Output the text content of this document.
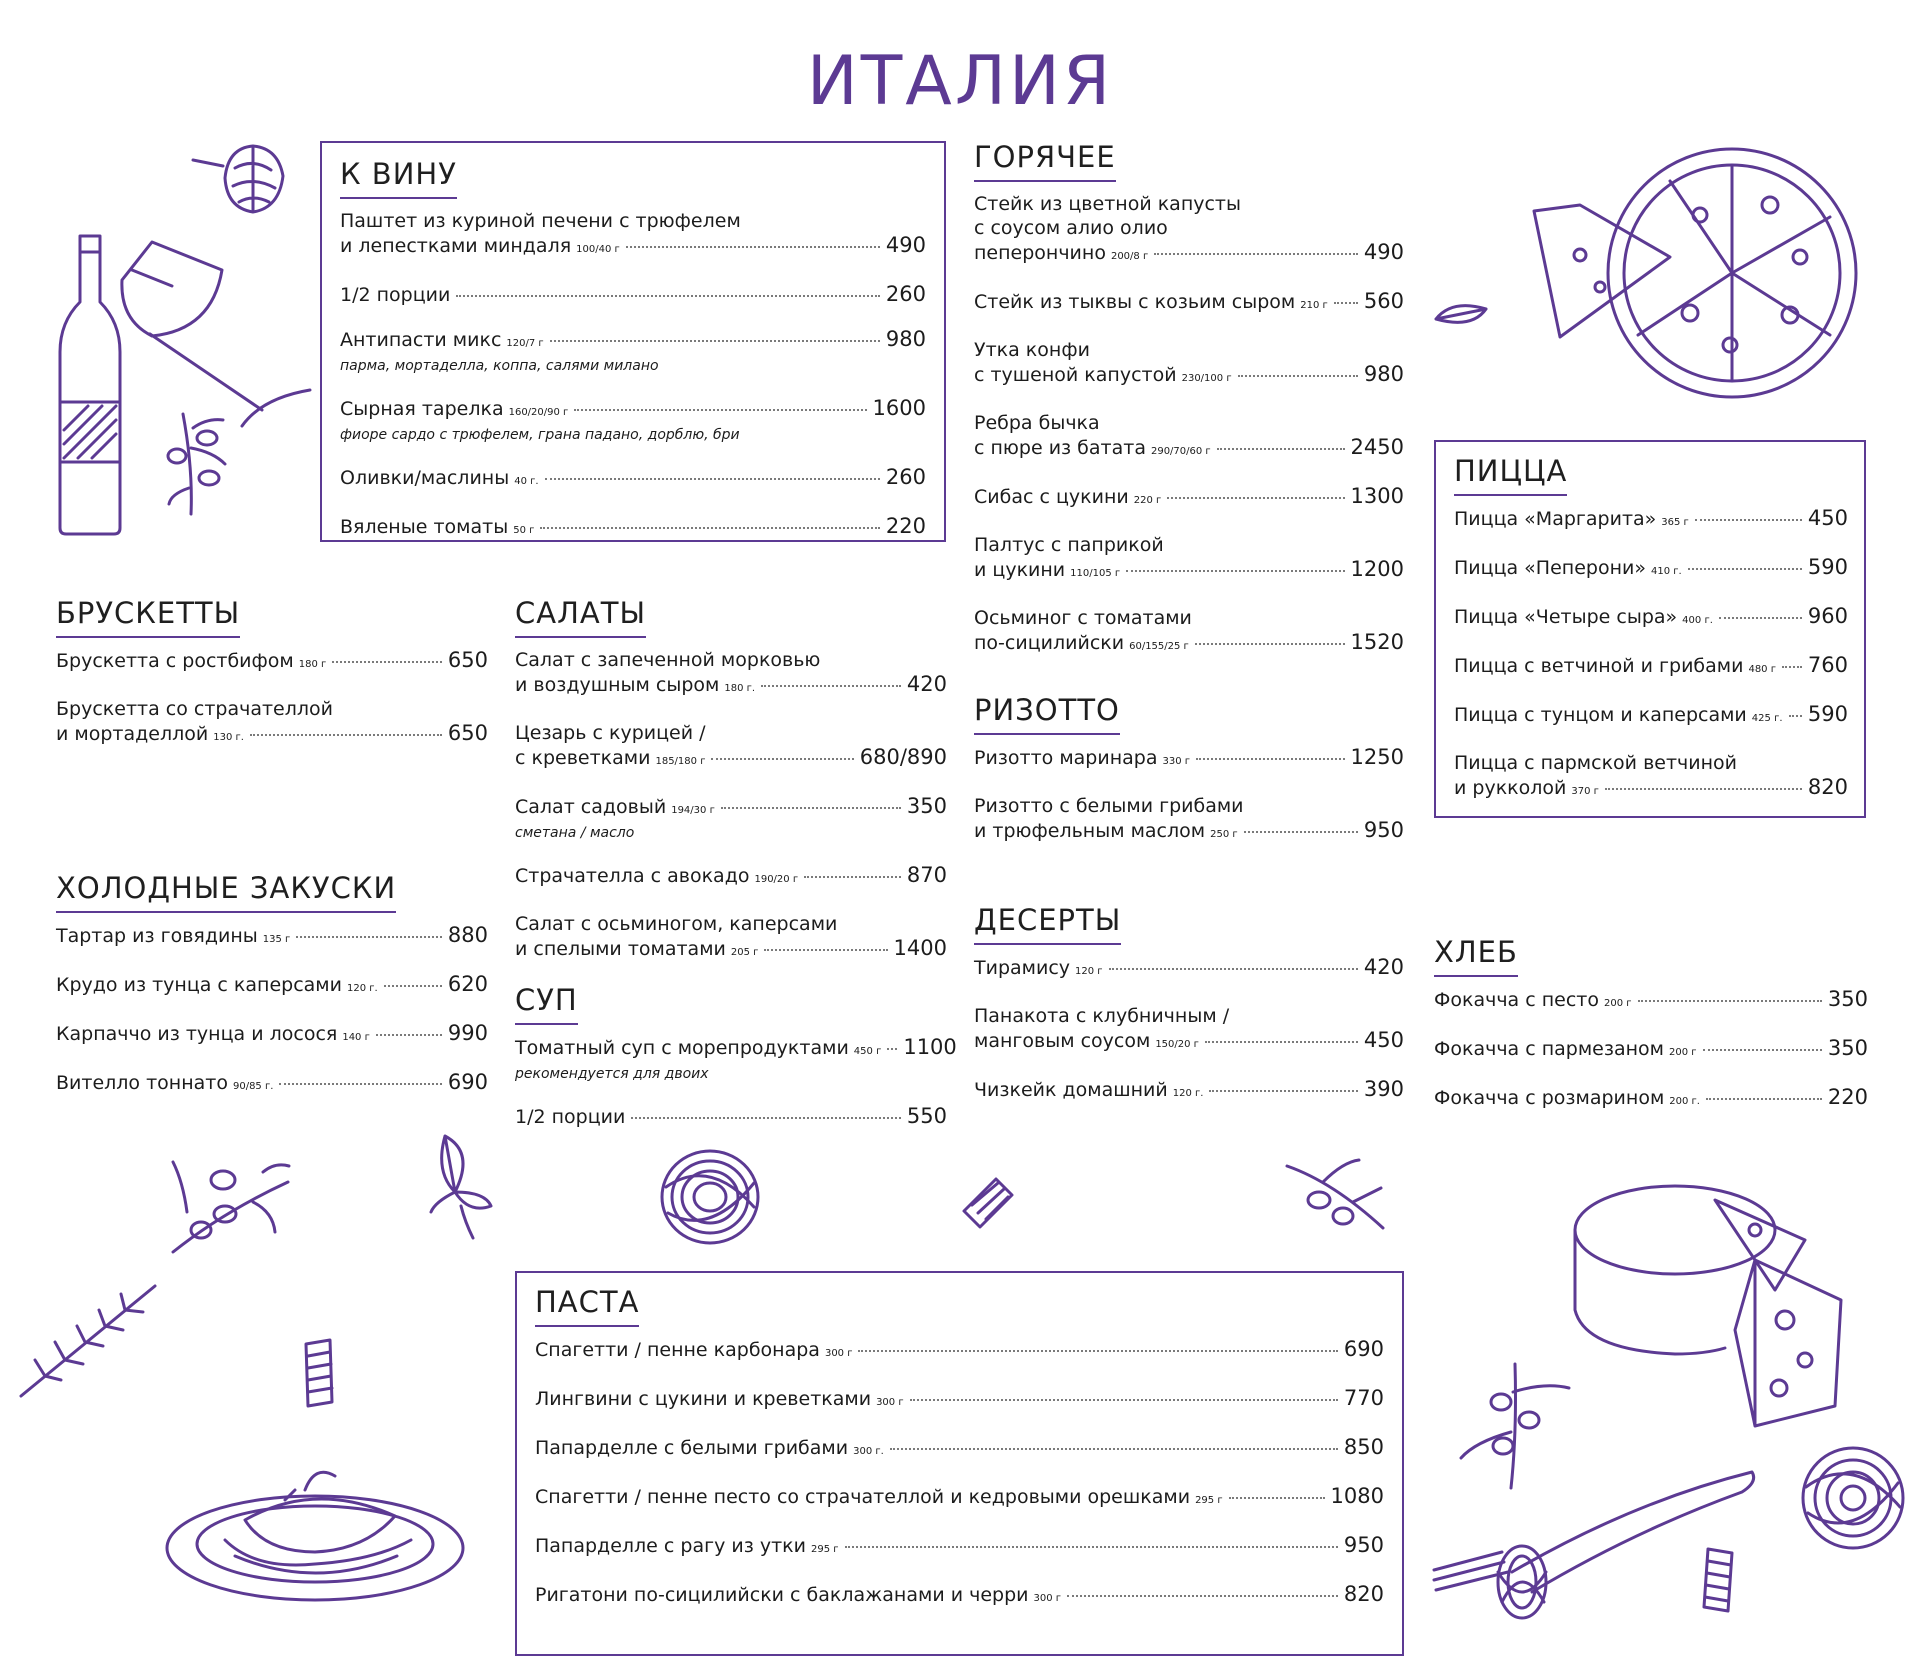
ИТАЛИЯ
К ВИНУ
Паштет из куриной печени с трюфелем
и лепестками миндаля 100/40 г	490
1/2 порции	260
Антипасти микс 120/7 г	980
парма, мортаделла, коппа, салями милано
Сырная тарелка 160/20/90 г	1600
фиоре сардо с трюфелем, грана падано, дорблю, бри
Оливки/маслины 40 г.	260
Вяленые томаты 50 г	220
ГОРЯЧЕЕ
Стейк из цветной капусты
с соусом алио олио
пеперончино 200/8 г	490
Стейк из тыквы с козьим сыром 210 г 560
Утка конфи
с тушеной капустой 230/100 г	980
Ребра бычка
с пюре из батата 290/70/60 г	2450
Сибас с цукини 220 г	1300
Палтус с паприкой
и цукини 110/105 г	1200
Осьминог с томатами
по-сицилийски 60/155/25 г	1520
ПИЦЦА
Пицца «Маргарита» 365 г	450
Пицца «Пеперони» 410 г.	590
Пицца «Четыре сыра» 400 г.	960
Пицца с ветчиной и грибами 480 г 760
Пицца с тунцом и каперсами 425 г. 590
Пицца с пармской ветчиной
и рукколой 370 г	820
БРУСКЕТТЫ
Брускетта с ростбифом 180 г	650
Брускетта со страчателлой
и мортаделлой 130 г.	650
САЛАТЫ
Салат с запеченной морковью
и воздушным сыром 180 г.	420
Цезарь с курицей /
с креветками 185/180 г	680/890
Салат садовый 194/30 г	350
сметана / масло
Страчателла с авокадо 190/20 г	870
Салат с осьминогом, каперсами
и спелыми томатами 205 г	1400
ХОЛОДНЫЕ ЗАКУСКИ
Тартар из говядины 135 г	880
Крудо из тунца с каперсами 120 г.	620
Карпаччо из тунца и лосося 140 г	990
Вителло тоннато 90/85 г.	690
СУП
Томатный суп с морепродуктами 450 г 1100
рекомендуется для двоих
1/2 порции	550
РИЗОТТО
Ризотто маринара 330 г	1250
Ризотто с белыми грибами
и трюфельным маслом 250 г	950
ДЕСЕРТЫ
Тирамису 120 г	420
Панакота с клубничным /
манговым соусом 150/20 г	450
Чизкейк домашний 120 г.	390
ХЛЕБ
Фокачча с песто 200 г	350
Фокачча с пармезаном 200 г	350
Фокачча с розмарином 200 г.	220
ПАСТА
Спагетти / пенне карбонара 300 г	690
Лингвини с цукини и креветками 300 г	770
Папарделле с белыми грибами 300 г.	850
Спагетти / пенне песто со страчателлой и кедровыми орешками 295 г	1080
Папарделле с рагу из утки 295 г	950
Ригатони по-сицилийски с баклажанами и черри 300 г	820
